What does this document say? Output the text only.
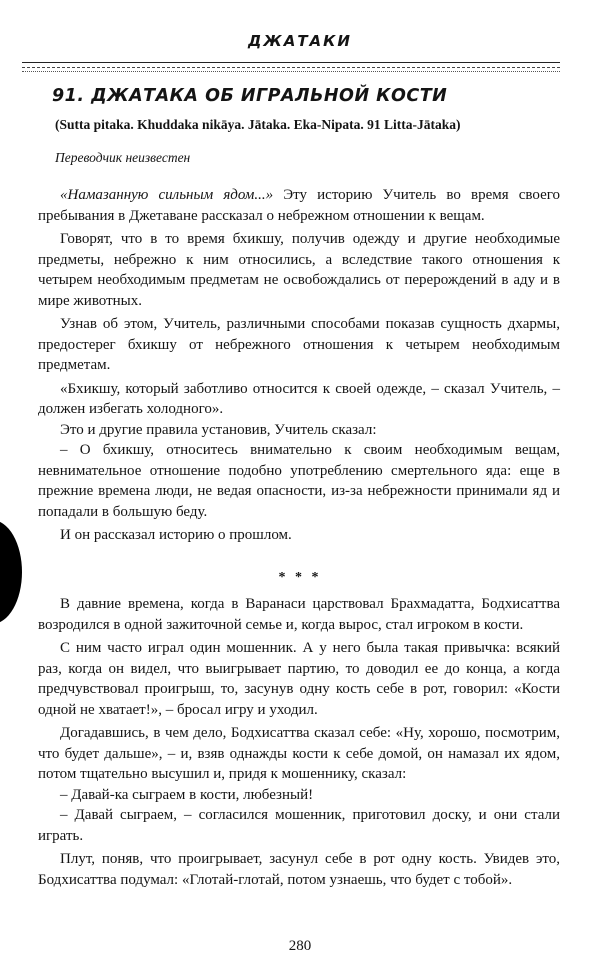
ДЖАТАКИ
91. ДЖАТАКА ОБ ИГРАЛЬНОЙ КОСТИ
(Sutta pitaka. Khuddaka nikāya. Jātaka. Eka-Nipata. 91 Litta-Jātaka)
Переводчик неизвестен

«Намазанную сильным ядом...» Эту историю Учитель во время своего пребывания в Джетаване рассказал о небрежном отношении к вещам.

Говорят, что в то время бхикшу, получив одежду и другие необходимые предметы, небрежно к ним относились, а вследствие такого отношения к четырем необходимым предметам не освобождались от перерождений в аду и в мире животных.

Узнав об этом, Учитель, различными способами показав сущность дхармы, предостерег бхикшу от небрежного отношения к четырем необходимым предметам.

«Бхикшу, который заботливо относится к своей одежде, – сказал Учитель, – должен избегать холодного».

Это и другие правила установив, Учитель сказал:

– О бхикшу, относитесь внимательно к своим необходимым вещам, невнимательное отношение подобно употреблению смертельного яда: еще в прежние времена люди, не ведая опасности, из-за небрежности принимали яд и попадали в большую беду.

И он рассказал историю о прошлом.

* * *

В давние времена, когда в Варанаси царствовал Брахмадатта, Бодхисаттва возродился в одной зажиточной семье и, когда вырос, стал игроком в кости.

С ним часто играл один мошенник. А у него была такая привычка: всякий раз, когда он видел, что выигрывает партию, то доводил ее до конца, а когда предчувствовал проигрыш, то, засунув одну кость себе в рот, говорил: «Кости одной не хватает!», – бросал игру и уходил.

Догадавшись, в чем дело, Бодхисаттва сказал себе: «Ну, хорошо, посмотрим, что будет дальше», – и, взяв однажды кости к себе домой, он намазал их ядом, потом тщательно высушил и, придя к мошеннику, сказал:

– Давай-ка сыграем в кости, любезный!

– Давай сыграем, – согласился мошенник, приготовил доску, и они стали играть.

Плут, поняв, что проигрывает, засунул себе в рот одну кость. Увидев это, Бодхисаттва подумал: «Глотай-глотай, потом узнаешь, что будет с тобой».

280
